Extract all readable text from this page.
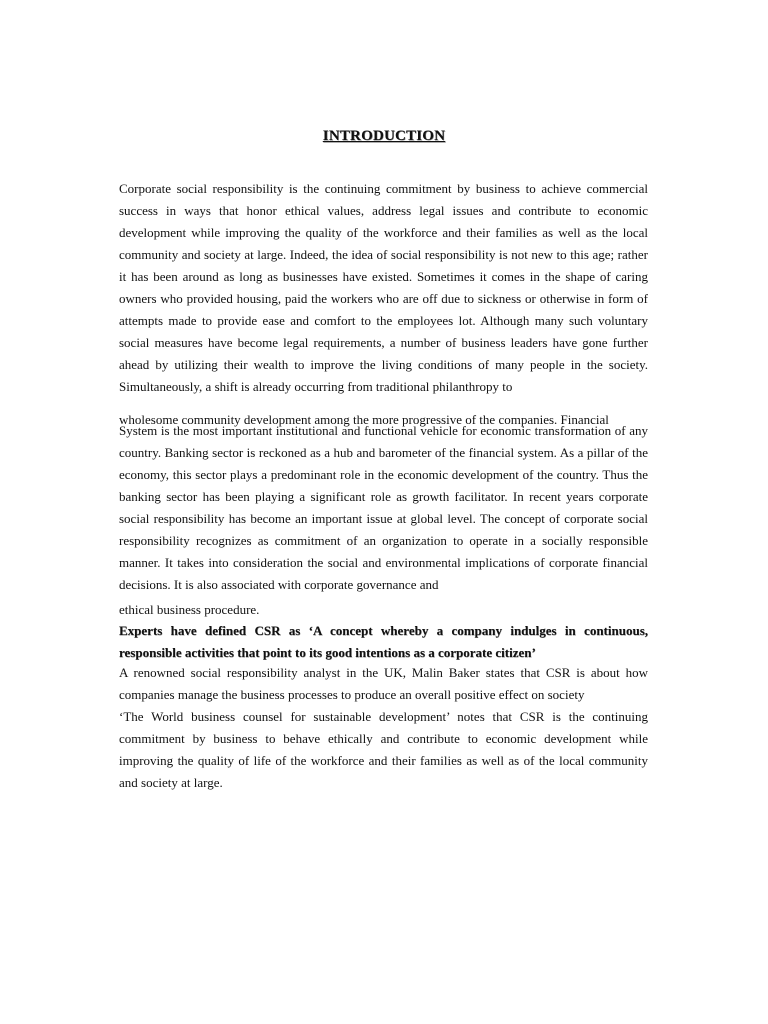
INTRODUCTION
Corporate social responsibility is the continuing commitment by business to achieve commercial success in ways that honor ethical values, address legal issues and contribute to economic development while improving the quality of the workforce and their families as well as the local community and society at large. Indeed, the idea of social responsibility is not new to this age; rather it has been around as long as businesses have existed. Sometimes it comes in the shape of caring owners who provided housing, paid the workers who are off due to sickness or otherwise in form of attempts made to provide ease and comfort to the employees lot. Although many such voluntary social measures have become legal requirements, a number of business leaders have gone further ahead by utilizing their wealth to improve the living conditions of many people in the society. Simultaneously, a shift is already occurring from traditional philanthropy to
wholesome community development among the more progressive of the companies. Financial
System is the most important institutional and functional vehicle for economic transformation of any country. Banking sector is reckoned as a hub and barometer of the financial system. As a pillar of the economy, this sector plays a predominant role in the economic development of the country. Thus the banking sector has been playing a significant role as growth facilitator. In recent years corporate social responsibility has become an important issue at global level. The concept of corporate social responsibility recognizes as commitment of an organization to operate in a socially responsible manner. It takes into consideration the social and environmental implications of corporate financial decisions. It is also associated with corporate governance and
ethical business procedure.
Experts have defined CSR as ‘A concept whereby a company indulges in continuous, responsible activities that point to its good intentions as a corporate citizen’
A renowned social responsibility analyst in the UK, Malin Baker states that CSR is about how companies manage the business processes to produce an overall positive effect on society
‘The World business counsel for sustainable development’ notes that CSR is the continuing commitment by business to behave ethically and contribute to economic development while improving the quality of life of the workforce and their families as well as of the local community and society at large.
